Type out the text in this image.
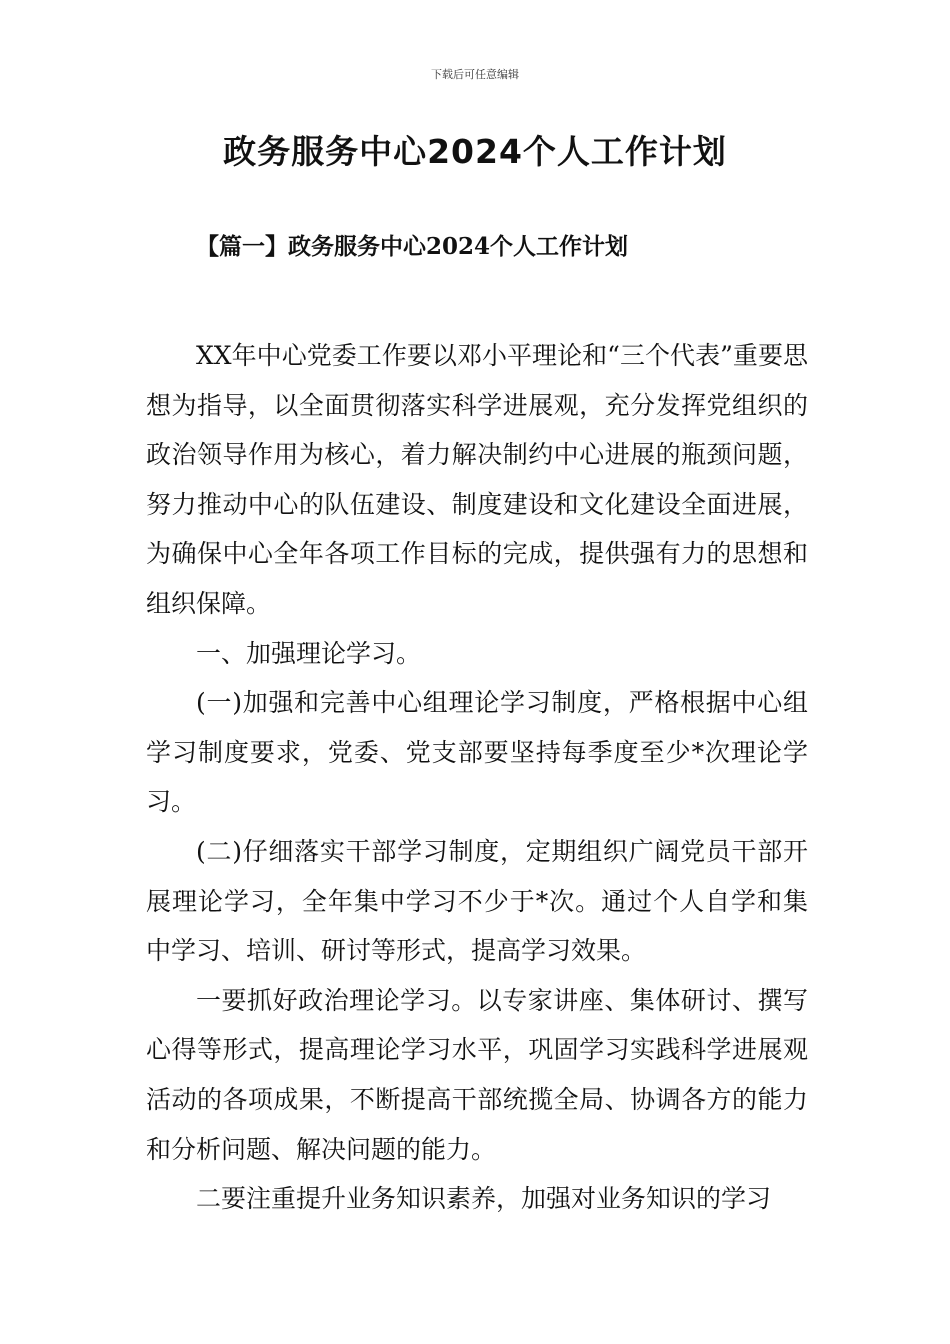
下载后可任意编辑
政务服务中心2024个人工作计划
【篇一】政务服务中心2024个人工作计划

XX年中心党委工作要以邓小平理论和“三个代表”重要思想为指导，以全面贯彻落实科学进展观，充分发挥党组织的政治领导作用为核心，着力解决制约中心进展的瓶颈问题，努力推动中心的队伍建设、制度建设和文化建设全面进展，为确保中心全年各项工作目标的完成，提供强有力的思想和组织保障。

一、加强理论学习。

(一)加强和完善中心组理论学习制度，严格根据中心组学习制度要求，党委、党支部要坚持每季度至少*次理论学习。

(二)仔细落实干部学习制度，定期组织广阔党员干部开展理论学习，全年集中学习不少于*次。通过个人自学和集中学习、培训、研讨等形式，提高学习效果。

一要抓好政治理论学习。以专家讲座、集体研讨、撰写心得等形式，提高理论学习水平，巩固学习实践科学进展观活动的各项成果，不断提高干部统揽全局、协调各方的能力和分析问题、解决问题的能力。

二要注重提升业务知识素养，加强对业务知识的学习
